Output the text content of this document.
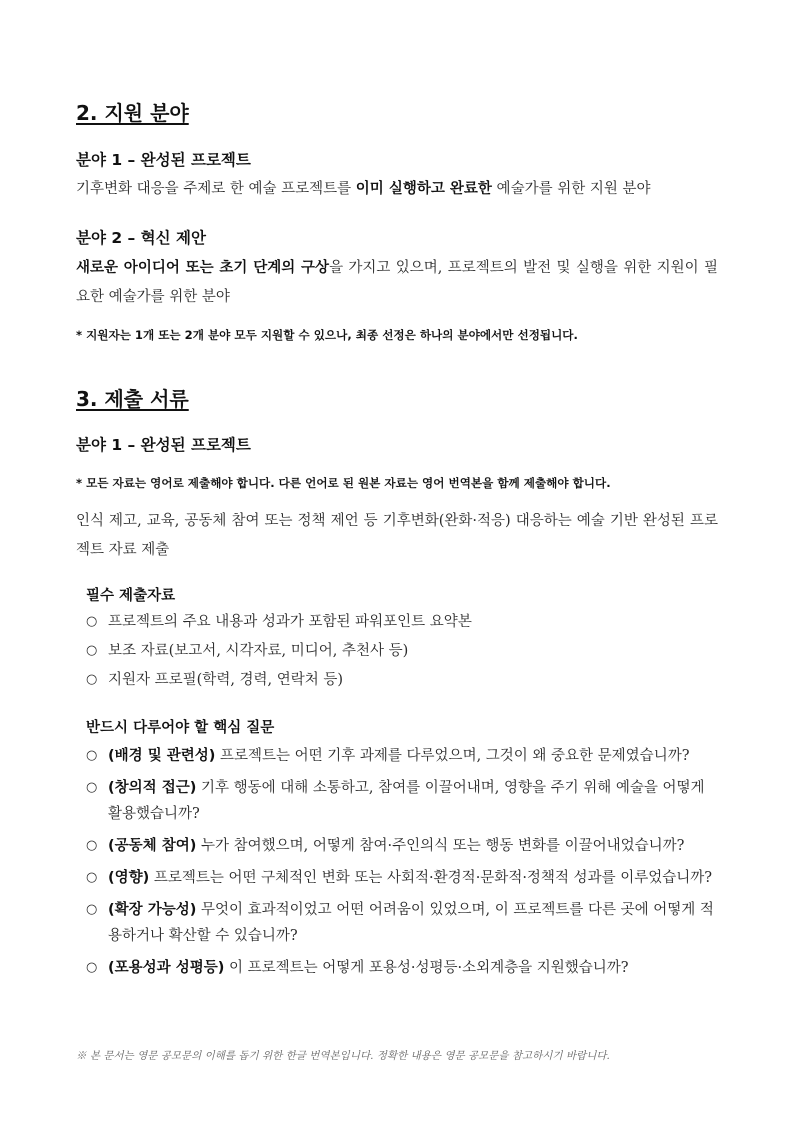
2. 지원 분야
분야 1 – 완성된 프로젝트

기후변화 대응을 주제로 한 예술 프로젝트를 이미 실행하고 완료한 예술가를 위한 지원 분야

분야 2 – 혁신 제안

새로운 아이디어 또는 초기 단계의 구상을 가지고 있으며, 프로젝트의 발전 및 실행을 위한 지원이 필요한 예술가를 위한 분야

* 지원자는 1개 또는 2개 분야 모두 지원할 수 있으나, 최종 선정은 하나의 분야에서만 선정됩니다.

3. 제출 서류
분야 1 – 완성된 프로젝트

* 모든 자료는 영어로 제출해야 합니다. 다른 언어로 된 원본 자료는 영어 번역본을 함께 제출해야 합니다.

인식 제고, 교육, 공동체 참여 또는 정책 제언 등 기후변화(완화·적응) 대응하는 예술 기반 완성된 프로젝트 자료 제출

필수 제출자료
○ 프로젝트의 주요 내용과 성과가 포함된 파워포인트 요약본
○ 보조 자료(보고서, 시각자료, 미디어, 추천사 등)
○ 지원자 프로필(학력, 경력, 연락처 등)
반드시 다루어야 할 핵심 질문
○ (배경 및 관련성) 프로젝트는 어떤 기후 과제를 다루었으며, 그것이 왜 중요한 문제였습니까?
○ (창의적 접근) 기후 행동에 대해 소통하고, 참여를 이끌어내며, 영향을 주기 위해 예술을 어떻게 활용했습니까?
○ (공동체 참여) 누가 참여했으며, 어떻게 참여·주인의식 또는 행동 변화를 이끌어내었습니까?
○ (영향) 프로젝트는 어떤 구체적인 변화 또는 사회적·환경적·문화적·정책적 성과를 이루었습니까?
○ (확장 가능성) 무엇이 효과적이었고 어떤 어려움이 있었으며, 이 프로젝트를 다른 곳에 어떻게 적용하거나 확산할 수 있습니까?
○ (포용성과 성평등) 이 프로젝트는 어떻게 포용성·성평등·소외계층을 지원했습니까?

※ 본 문서는 영문 공모문의 이해를 돕기 위한 한글 번역본입니다. 정확한 내용은 영문 공모문을 참고하시기 바랍니다.
